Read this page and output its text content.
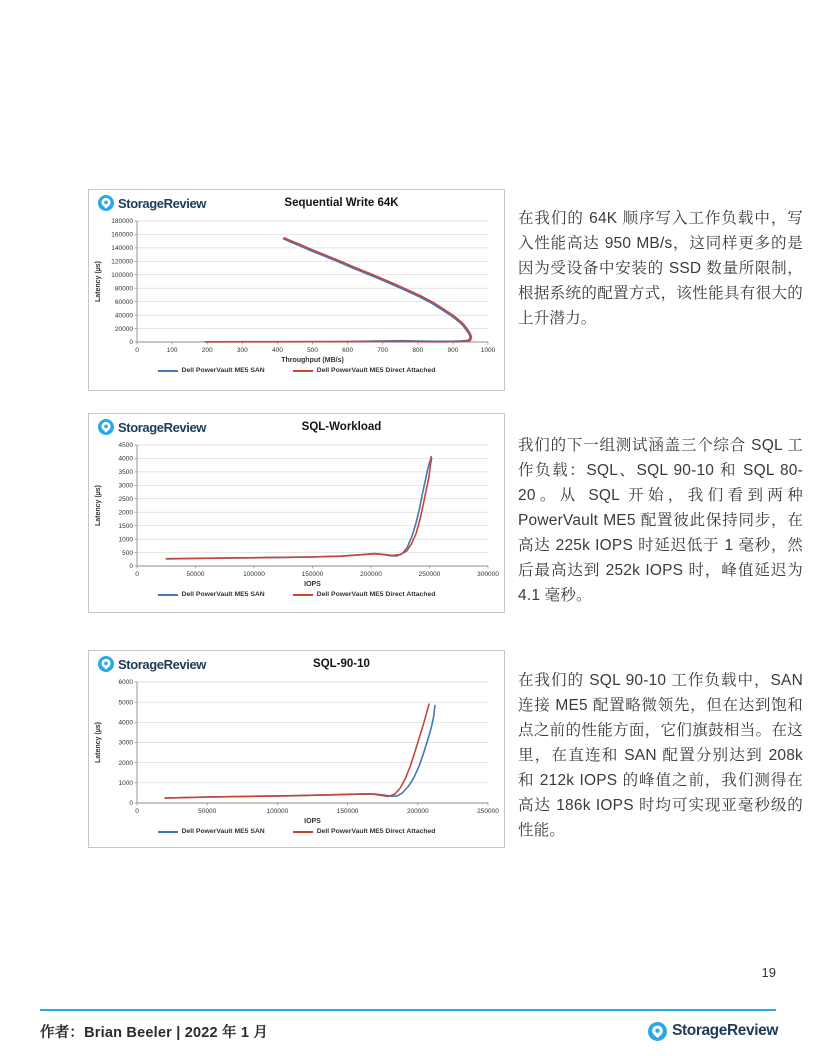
StorageReview	Sequential Write 64K
0
20000
40000
60000
80000
100000
120000
140000
160000
180000
0	100	200	300	400	500	600	700	800	900	1000
Throughput (MB/s)
Latency (µs)
Dell PowerVault ME5 SAN	Dell PowerVault ME5 Direct Attached
StorageReview	SQL-Workload
0
500
1000
1500
2000
2500
3000
3500
4000
4500
0	50000	100000	150000	200000	250000	300000
IOPS
Latency (µs)
Dell PowerVault ME5 SAN	Dell PowerVault ME5 Direct Attached
StorageReview	SQL-90-10
0
1000
2000
3000
4000
5000
6000
0	50000	100000	150000	200000	250000
IOPS
Latency (µs)
Dell PowerVault ME5 SAN	Dell PowerVault ME5 Direct Attached

在我们的 64K 顺序写入工作负载中，写入性能高达 950 MB/s，这同样更多的是因为受设备中安装的 SSD 数量所限制，根据系统的配置方式，该性能具有很大的上升潜力。

我们的下一组测试涵盖三个综合 SQL 工作负载：SQL、SQL 90-10 和 SQL 80-20。从 SQL 开始，我们看到两种 PowerVault ME5 配置彼此保持同步，在高达 225k IOPS 时延迟低于 1 毫秒，然后最高达到 252k IOPS 时，峰值延迟为 4.1 毫秒。

在我们的 SQL 90-10 工作负载中，SAN 连接 ME5 配置略微领先，但在达到饱和点之前的性能方面，它们旗鼓相当。在这里，在直连和 SAN 配置分别达到 208k 和 212k IOPS 的峰值之前，我们测得在高达 186k IOPS 时均可实现亚毫秒级的性能。

19
作者：Brian Beeler | 2022 年 1 月	StorageReview
